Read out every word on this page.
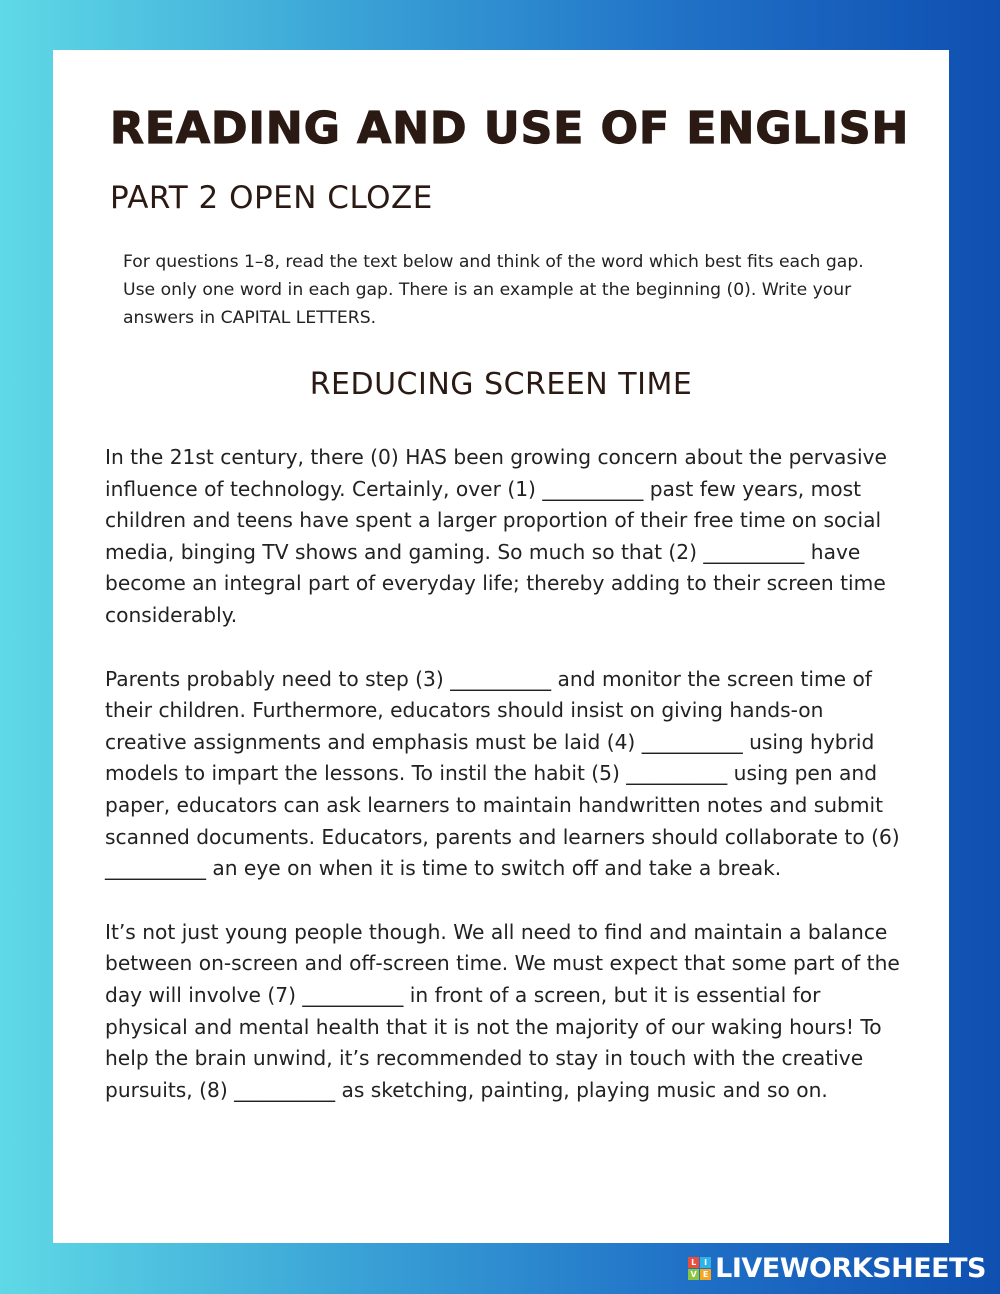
READING AND USE OF ENGLISH
PART 2 OPEN CLOZE

For questions 1–8, read the text below and think of the word which best fits each gap. Use only one word in each gap. There is an example at the beginning (0). Write your answers in CAPITAL LETTERS.

REDUCING SCREEN TIME

In the 21st century, there (0) HAS been growing concern about the pervasive influence of technology. Certainly, over (1) __________ past few years, most children and teens have spent a larger proportion of their free time on social media, binging TV shows and gaming. So much so that (2) __________ have become an integral part of everyday life; thereby adding to their screen time considerably.

Parents probably need to step (3) __________ and monitor the screen time of their children. Furthermore, educators should insist on giving hands-on creative assignments and emphasis must be laid (4) __________ using hybrid models to impart the lessons. To instil the habit (5) __________ using pen and paper, educators can ask learners to maintain handwritten notes and submit scanned documents. Educators, parents and learners should collaborate to (6) __________ an eye on when it is time to switch off and take a break.

It’s not just young people though. We all need to find and maintain a balance between on-screen and off-screen time. We must expect that some part of the day will involve (7) __________ in front of a screen, but it is essential for physical and mental health that it is not the majority of our waking hours! To help the brain unwind, it’s recommended to stay in touch with the creative pursuits, (8) __________ as sketching, painting, playing music and so on.

L I
V E LIVEWORKSHEETS
